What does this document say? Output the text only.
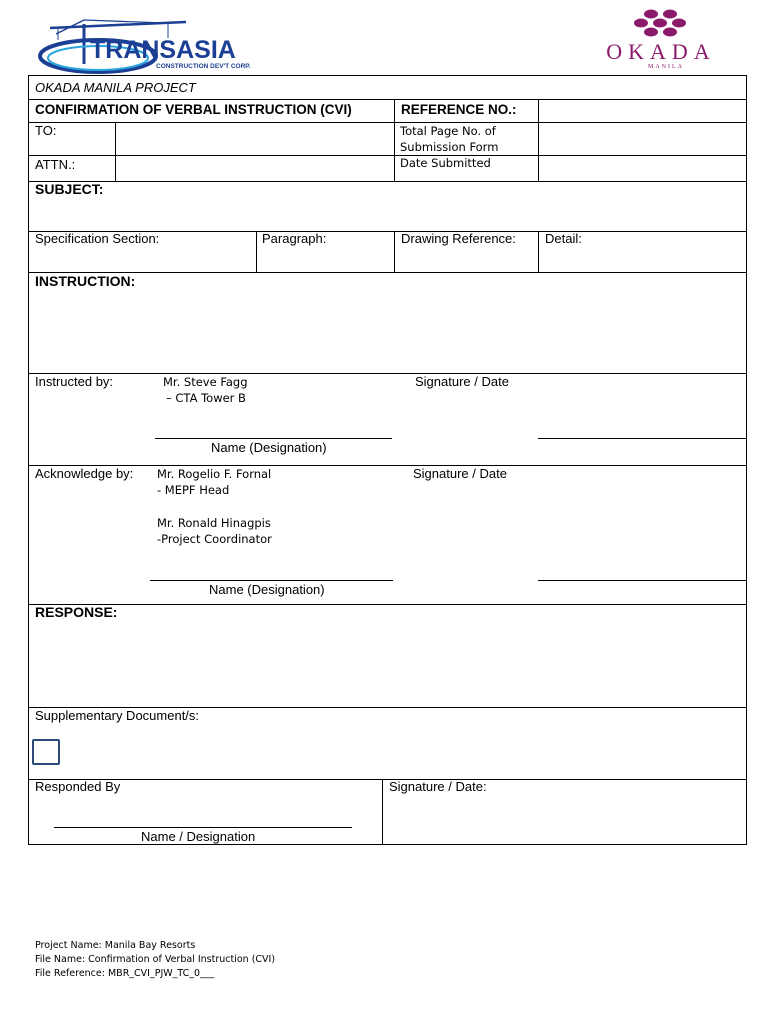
TRANSASIA
CONSTRUCTION DEV'T CORP.
OKADA
MANILA
OKADA MANILA PROJECT
CONFIRMATION OF VERBAL INSTRUCTION (CVI)	REFERENCE NO.:
TO:	Total Page No. of
Submission Form
ATTN.:	Date Submitted
SUBJECT:
Specification Section:	Paragraph:	Drawing Reference: Detail:
INSTRUCTION:
Instructed by:	Mr. Steve Fagg
– CTA Tower B
Signature / Date
Name (Designation)
Acknowledge by: Mr. Rogelio F. Fornal
- MEPF Head
Mr. Ronald Hinagpis
-Project Coordinator
Signature / Date
Name (Designation)
RESPONSE:
Supplementary Document/s:
Responded By	Signature / Date:
Name / Designation
Project Name: Manila Bay Resorts
File Name: Confirmation of Verbal Instruction (CVI)
File Reference: MBR_CVI_PJW_TC_0___
